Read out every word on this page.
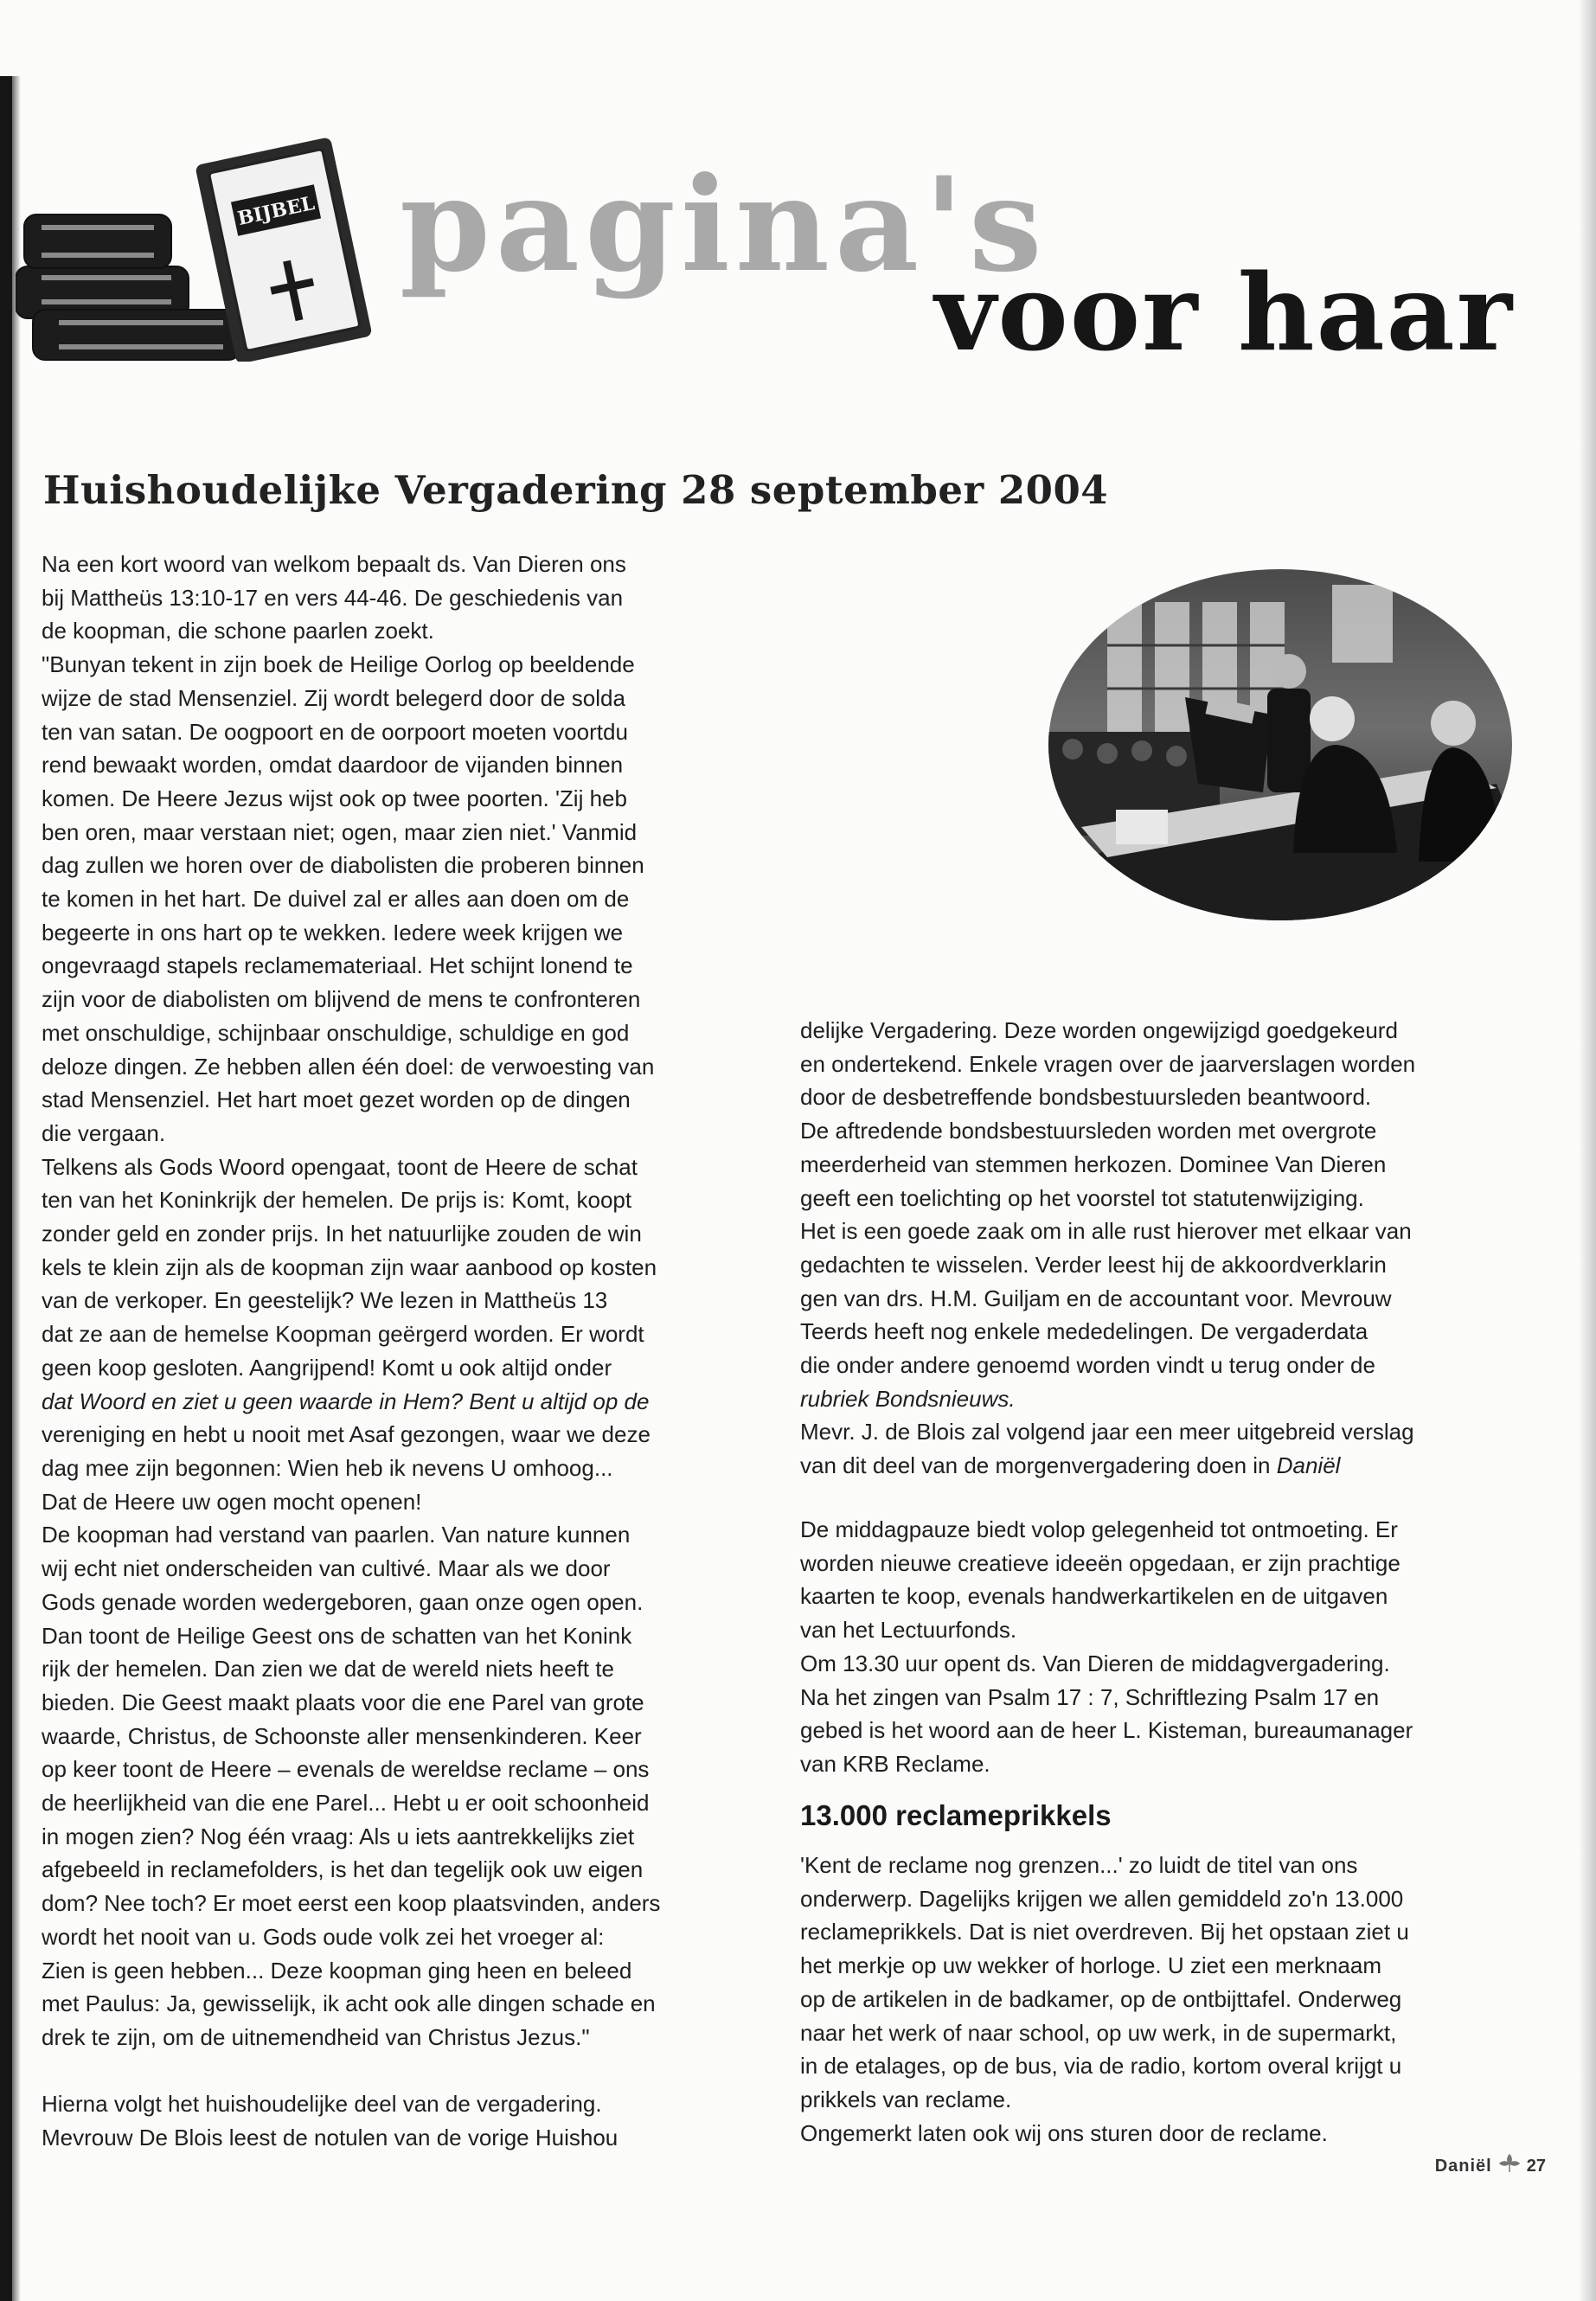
BIJBEL pagina's
voor haar
Huishoudelijke Vergadering 28 september 2004

Na een kort woord van welkom bepaalt ds. Van Dieren ons

bij Mattheüs 13:10-17 en vers 44-46. De geschiedenis van

de koopman, die schone paarlen zoekt.

"Bunyan tekent in zijn boek de Heilige Oorlog op beeldende

wijze de stad Mensenziel. Zij wordt belegerd door de solda

ten van satan. De oogpoort en de oorpoort moeten voortdu

rend bewaakt worden, omdat daardoor de vijanden binnen

komen. De Heere Jezus wijst ook op twee poorten. 'Zij heb

ben oren, maar verstaan niet; ogen, maar zien niet.' Vanmid

dag zullen we horen over de diabolisten die proberen binnen

te komen in het hart. De duivel zal er alles aan doen om de

begeerte in ons hart op te wekken. Iedere week krijgen we

ongevraagd stapels reclamemateriaal. Het schijnt lonend te

zijn voor de diabolisten om blijvend de mens te confronteren

met onschuldige, schijnbaar onschuldige, schuldige en god

deloze dingen. Ze hebben allen één doel: de verwoesting van

stad Mensenziel. Het hart moet gezet worden op de dingen

die vergaan.

Telkens als Gods Woord opengaat, toont de Heere de schat

ten van het Koninkrijk der hemelen. De prijs is: Komt, koopt

zonder geld en zonder prijs. In het natuurlijke zouden de win

kels te klein zijn als de koopman zijn waar aanbood op kosten

van de verkoper. En geestelijk? We lezen in Mattheüs 13

dat ze aan de hemelse Koopman geërgerd worden. Er wordt

geen koop gesloten. Aangrijpend! Komt u ook altijd onder

dat Woord en ziet u geen waarde in Hem? Bent u altijd op de

vereniging en hebt u nooit met Asaf gezongen, waar we deze

dag mee zijn begonnen: Wien heb ik nevens U omhoog...

Dat de Heere uw ogen mocht openen!

De koopman had verstand van paarlen. Van nature kunnen

wij echt niet onderscheiden van cultivé. Maar als we door

Gods genade worden wedergeboren, gaan onze ogen open.

Dan toont de Heilige Geest ons de schatten van het Konink

rijk der hemelen. Dan zien we dat de wereld niets heeft te

bieden. Die Geest maakt plaats voor die ene Parel van grote

waarde, Christus, de Schoonste aller mensenkinderen. Keer

op keer toont de Heere – evenals de wereldse reclame – ons

de heerlijkheid van die ene Parel... Hebt u er ooit schoonheid

in mogen zien? Nog één vraag: Als u iets aantrekkelijks ziet

afgebeeld in reclamefolders, is het dan tegelijk ook uw eigen

dom? Nee toch? Er moet eerst een koop plaatsvinden, anders

wordt het nooit van u. Gods oude volk zei het vroeger al:

Zien is geen hebben... Deze koopman ging heen en beleed

met Paulus: Ja, gewisselijk, ik acht ook alle dingen schade en

drek te zijn, om de uitnemendheid van Christus Jezus."

Hierna volgt het huishoudelijke deel van de vergadering.

Mevrouw De Blois leest de notulen van de vorige Huishou

delijke Vergadering. Deze worden ongewijzigd goedgekeurd

en ondertekend. Enkele vragen over de jaarverslagen worden

door de desbetreffende bondsbestuursleden beantwoord.

De aftredende bondsbestuursleden worden met overgrote

meerderheid van stemmen herkozen. Dominee Van Dieren

geeft een toelichting op het voorstel tot statutenwijziging.

Het is een goede zaak om in alle rust hierover met elkaar van

gedachten te wisselen. Verder leest hij de akkoordverklarin

gen van drs. H.M. Guiljam en de accountant voor. Mevrouw

Teerds heeft nog enkele mededelingen. De vergaderdata

die onder andere genoemd worden vindt u terug onder de

rubriek Bondsnieuws.

Mevr. J. de Blois zal volgend jaar een meer uitgebreid verslag

van dit deel van de morgenvergadering doen in Daniël

De middagpauze biedt volop gelegenheid tot ontmoeting. Er

worden nieuwe creatieve ideeën opgedaan, er zijn prachtige

kaarten te koop, evenals handwerkartikelen en de uitgaven

van het Lectuurfonds.

Om 13.30 uur opent ds. Van Dieren de middagvergadering.

Na het zingen van Psalm 17 : 7, Schriftlezing Psalm 17 en

gebed is het woord aan de heer L. Kisteman, bureaumanager

van KRB Reclame.

13.000 reclameprikkels

'Kent de reclame nog grenzen...' zo luidt de titel van ons

onderwerp. Dagelijks krijgen we allen gemiddeld zo'n 13.000

reclameprikkels. Dat is niet overdreven. Bij het opstaan ziet u

het merkje op uw wekker of horloge. U ziet een merknaam

op de artikelen in de badkamer, op de ontbijttafel. Onderweg

naar het werk of naar school, op uw werk, in de supermarkt,

in de etalages, op de bus, via de radio, kortom overal krijgt u

prikkels van reclame.

Ongemerkt laten ook wij ons sturen door de reclame.

Daniël 27
